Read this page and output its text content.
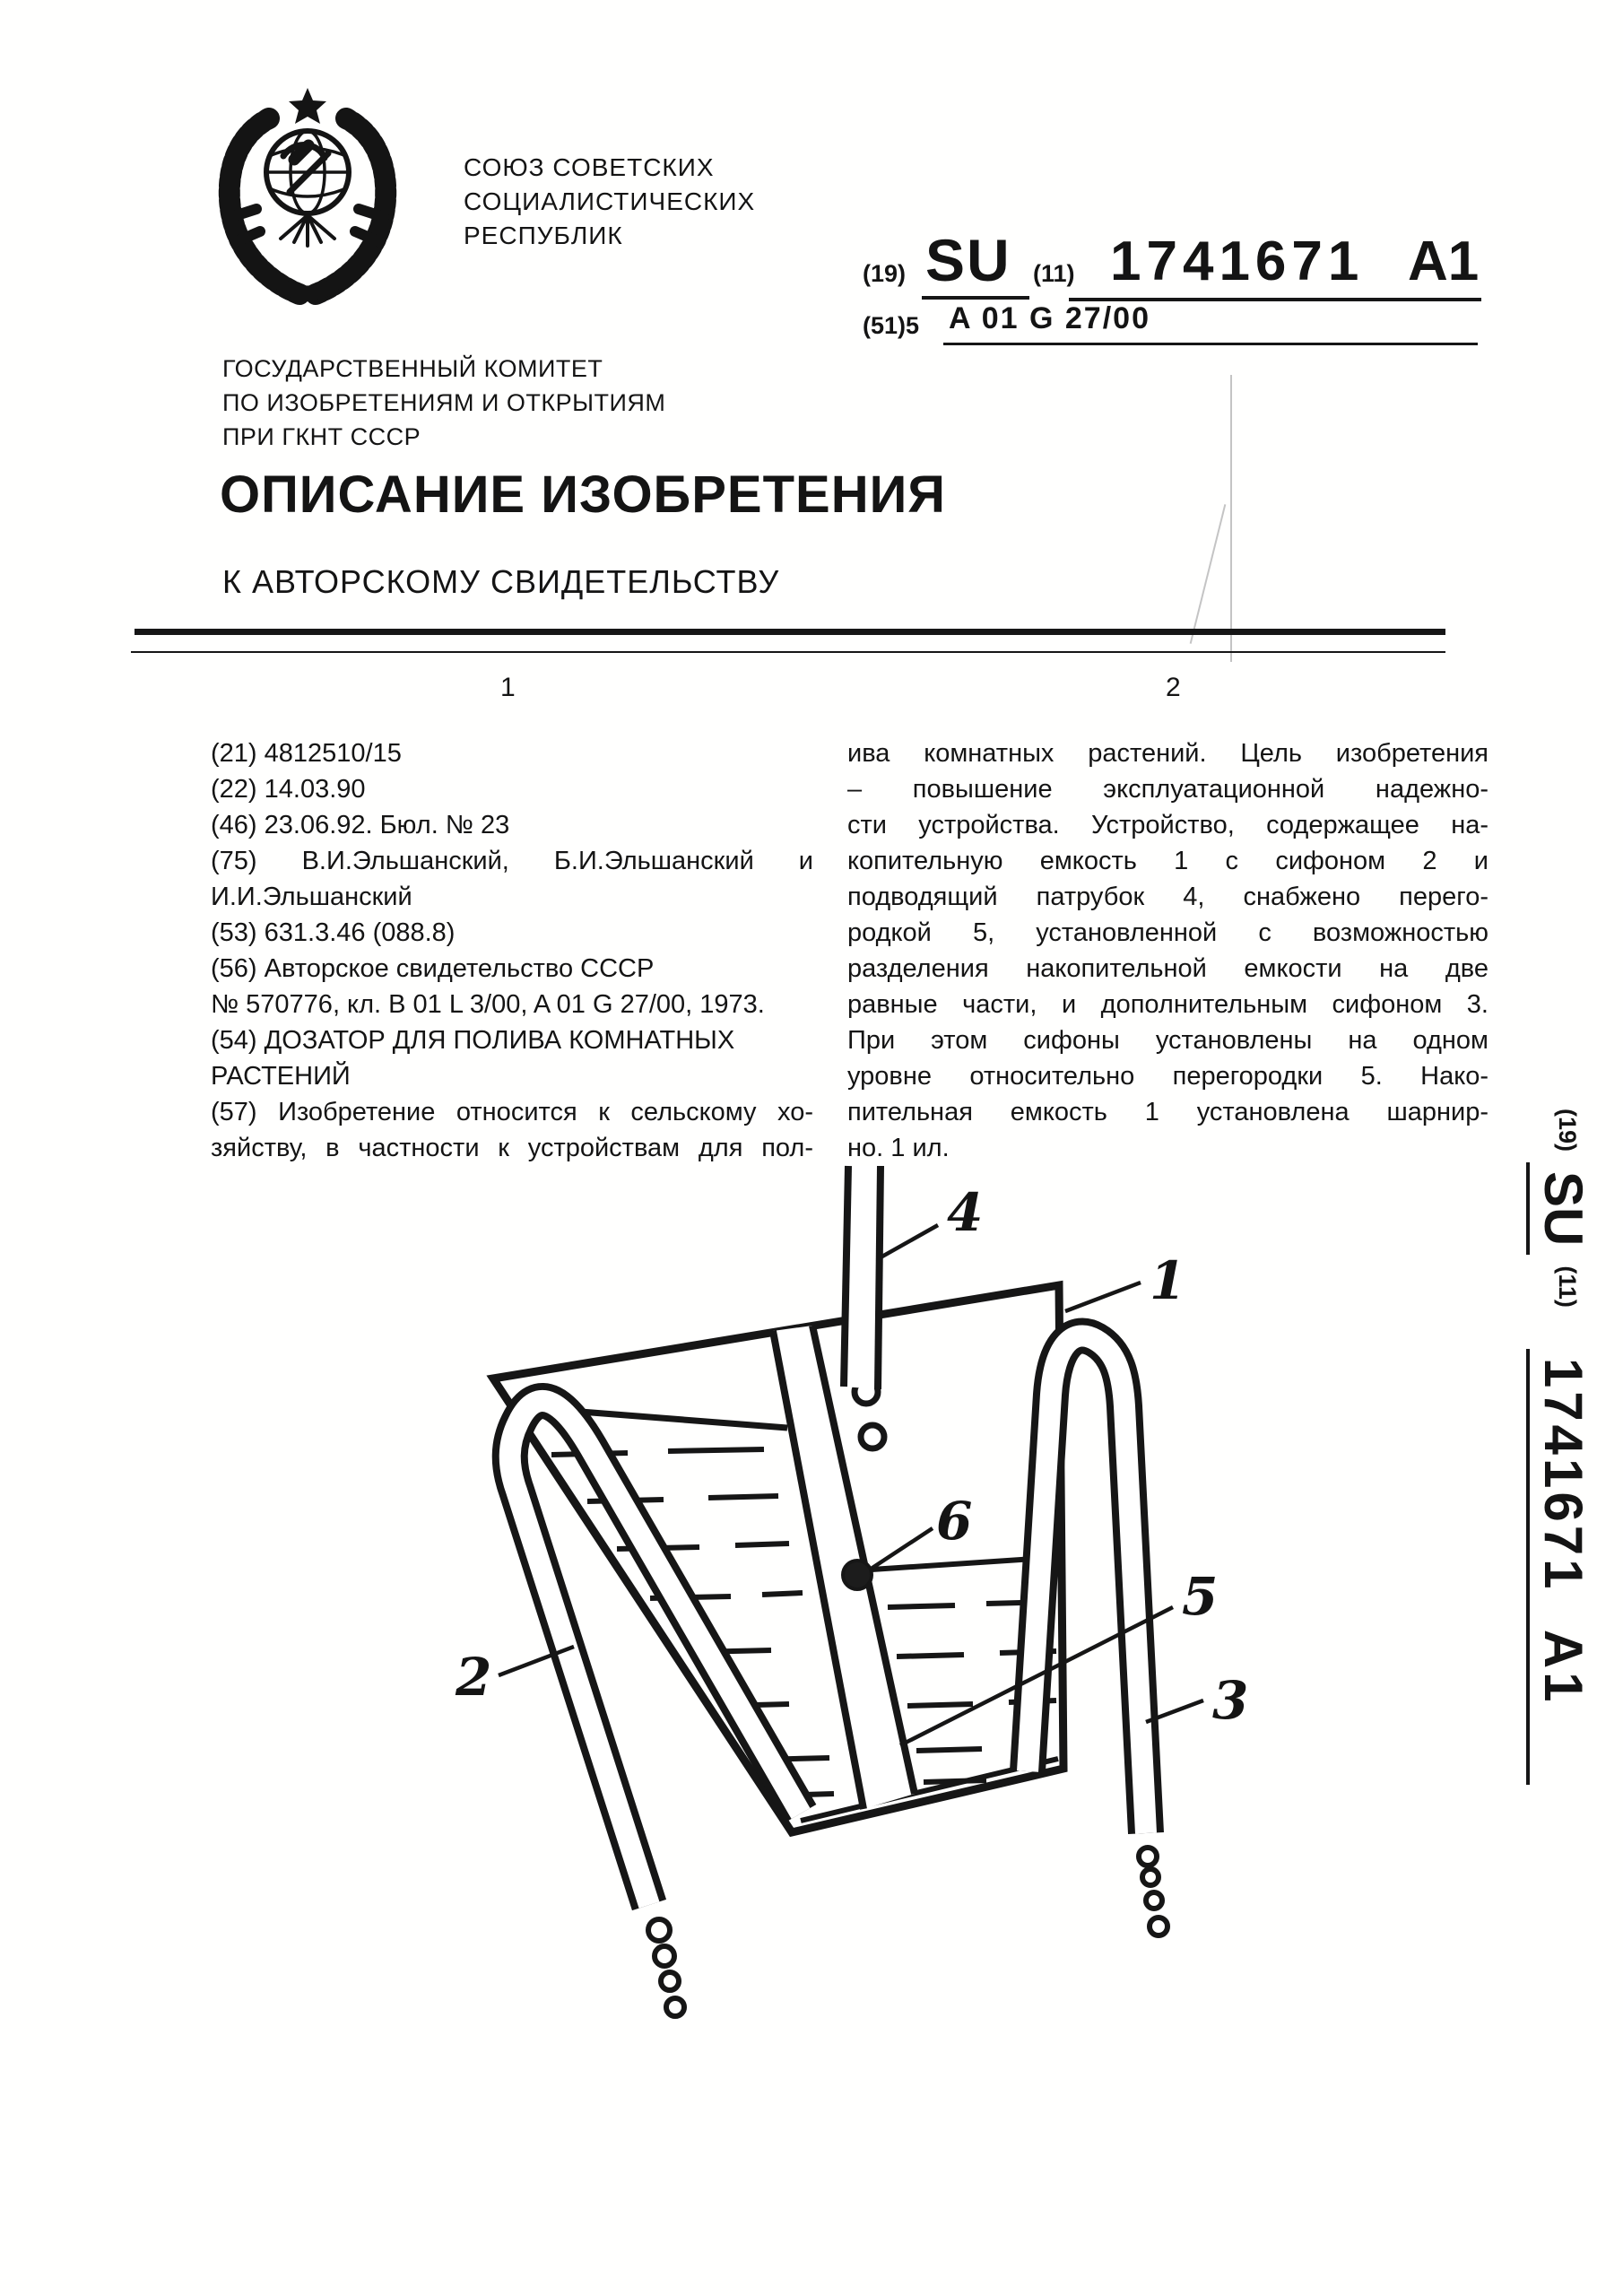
СОЮЗ СОВЕТСКИХ
СОЦИАЛИСТИЧЕСКИХ
РЕСПУБЛИК
ГОСУДАРСТВЕННЫЙ КОМИТЕТ
ПО ИЗОБРЕТЕНИЯМ И ОТКРЫТИЯМ
ПРИ ГКНТ СССР
ОПИСАНИЕ ИЗОБРЕТЕНИЯ
К АВТОРСКОМУ СВИДЕТЕЛЬСТВУ
(19) SU (11) 1741671 A1
(51)5 A 01 G 27/00
1	2
(21) 4812510/15
(22) 14.03.90
(46) 23.06.92. Бюл. № 23
(75) В.И.Эльшанский, Б.И.Эльшанский и
И.И.Эльшанский
(53) 631.3.46 (088.8)
(56) Авторское свидетельство СССР
№ 570776, кл. B 01 L 3/00, A 01 G 27/00, 1973.
(54) ДОЗАТОР ДЛЯ ПОЛИВА КОМНАТНЫХ
РАСТЕНИЙ
(57) Изобретение относится к сельскому хо-
зяйству, в частности к устройствам для пол-
ива комнатных растений. Цель изобретения
– повышение эксплуатационной надежно-
сти устройства. Устройство, содержащее на-
копительную емкость 1 с сифоном 2 и
подводящий патрубок 4, снабжено перего-
родкой 5, установленной с возможностью
разделения накопительной емкости на две
равные части, и дополнительным сифоном 3.
При этом сифоны установлены на одном
уровне относительно перегородки 5. Нако-
пительная емкость 1 установлена шарнир-
но. 1 ил.
1
2	3
4
5
6
(19)SU(11)1741671  A1
